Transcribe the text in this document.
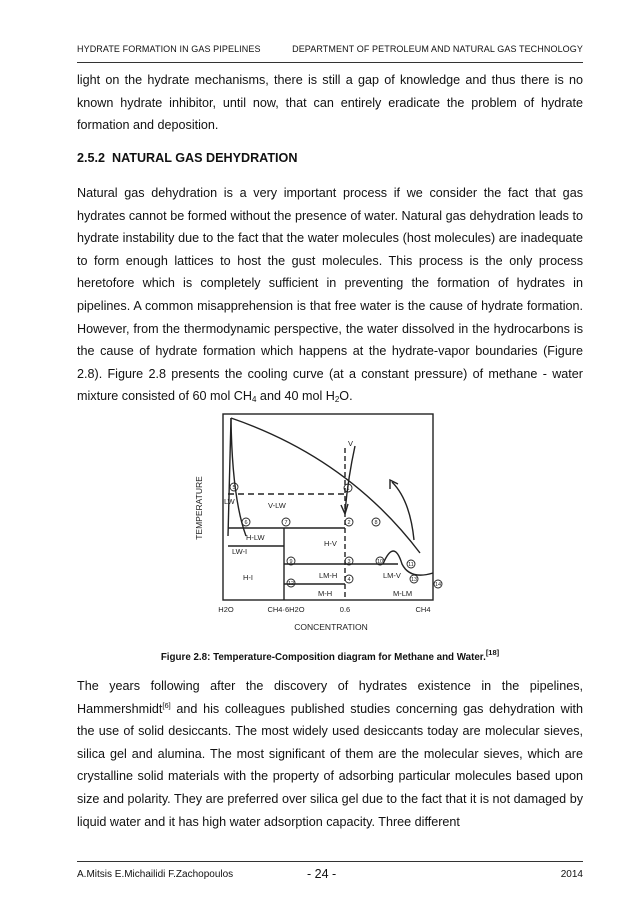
HYDRATE FORMATION IN GAS PIPELINES	DEPARTMENT OF PETROLEUM AND NATURAL GAS TECHNOLOGY

light on the hydrate mechanisms, there is still a gap of knowledge and thus there is no known hydrate inhibitor, until now, that can entirely eradicate the problem of hydrate formation and deposition.

2.5.2 NATURAL GAS DEHYDRATION

Natural gas dehydration is a very important process if we consider the fact that gas hydrates cannot be formed without the presence of water. Natural gas dehydration leads to hydrate instability due to the fact that the water molecules (host molecules) are inadequate to form enough lattices to host the gust molecules. This process is the only process heretofore which is completely sufficient in preventing the formation of hydrates in pipelines. A common misapprehension is that free water is the cause of hydrate formation. However, from the thermodynamic perspective, the water dissolved in the hydrocarbons is the cause of hydrate formation which happens at the hydrate-vapor boundaries (Figure 2.8). Figure 2.8 presents the cooling curve (at a constant pressure) of methane - water mixture consisted of 60 mol $CH_4$ and 40 mol $H_2O$.

TEMPERATURE
CONCENTRATION
H2O	CH4·6H2O	0.6	CH4
V
LW	V-LW
H-LW
H-V
LW-I
H-I	LM-H
M-H
LM-V
M-LM
1
2
3
4
5
6	7	8
9	10	11
12
13
14
Figure 2.8: Temperature-Composition diagram for Methane and Water.[18]

The years following after the discovery of hydrates existence in the pipelines, Hammershmidt[6] and his colleagues published studies concerning gas dehydration with the use of solid desiccants. The most widely used desiccants today are molecular sieves, silica gel and alumina. The most significant of them are the molecular sieves, which are crystalline solid materials with the property of adsorbing particular molecules based upon size and polarity. They are preferred over silica gel due to the fact that it is not damaged by liquid water and it has high water adsorption capacity. Three different

A.Mitsis E.Michailidi F.Zachopoulos	- 24 -	2014
